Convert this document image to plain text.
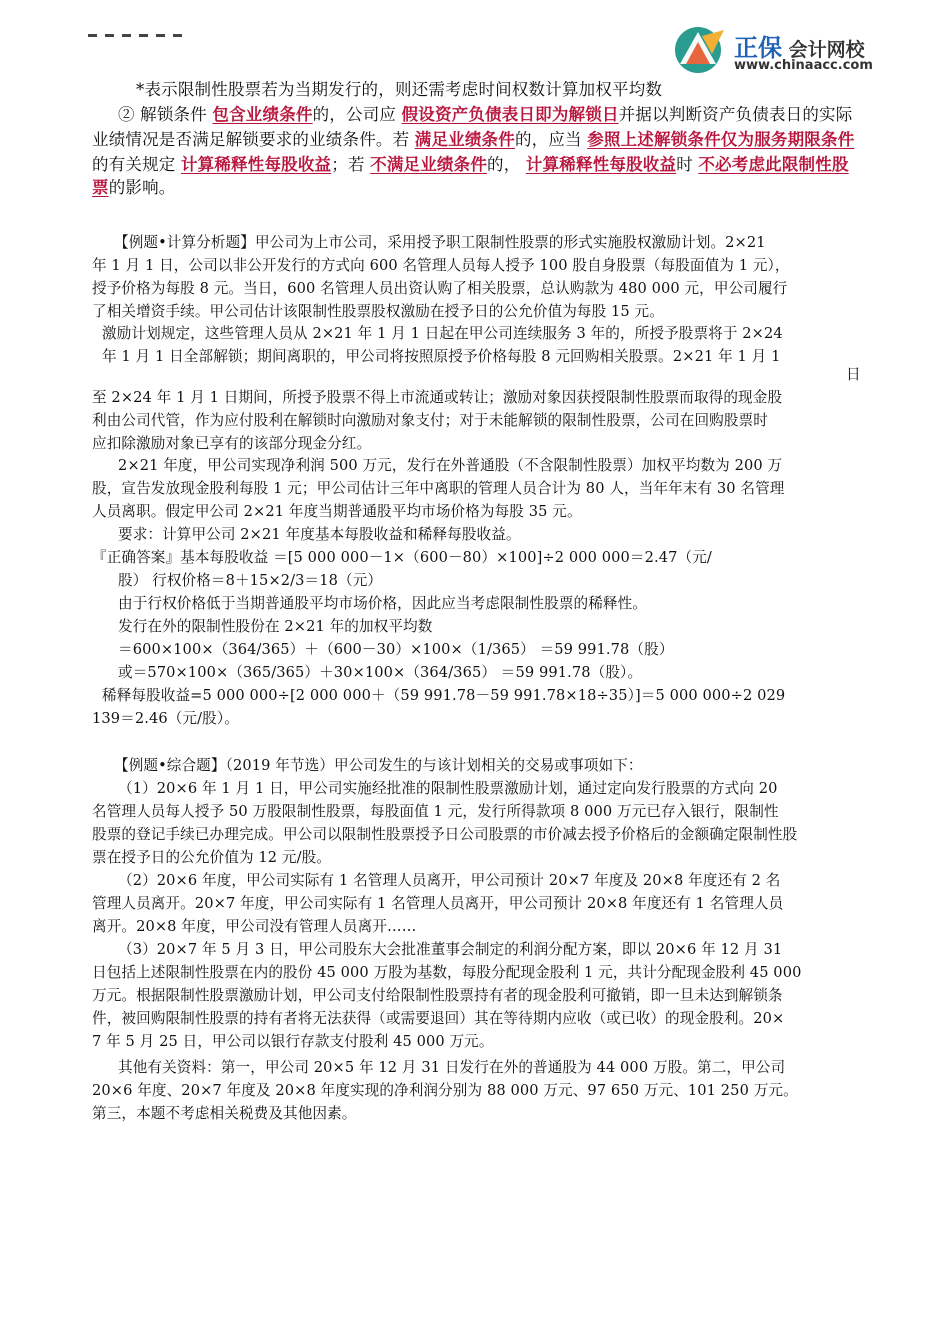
正保 会计网校
www.chinaacc.com
*表示限制性股票若为当期发行的，则还需考虑时间权数计算加权平均数
② 解锁条件 包含业绩条件的，公司应 假设资产负债表日即为解锁日并据以判断资产负债表日的实际
业绩情况是否满足解锁要求的业绩条件。若 满足业绩条件的，应当 参照上述解锁条件仅为服务期限条件
的有关规定 计算稀释性每股收益；若 不满足业绩条件的， 计算稀释性每股收益时 不必考虑此限制性股
票的影响。
【例题•计算分析题】甲公司为上市公司，采用授予职工限制性股票的形式实施股权激励计划。2×21
年 1 月 1 日，公司以非公开发行的方式向 600 名管理人员每人授予 100 股自身股票（每股面值为 1 元），
授予价格为每股 8 元。当日，600 名管理人员出资认购了相关股票，总认购款为 480 000 元，甲公司履行
了相关增资手续。甲公司估计该限制性股票股权激励在授予日的公允价值为每股 15 元。
激励计划规定，这些管理人员从 2×21 年 1 月 1 日起在甲公司连续服务 3 年的，所授予股票将于 2×24
年 1 月 1 日全部解锁；期间离职的，甲公司将按照原授予价格每股 8 元回购相关股票。2×21 年 1 月 1
日
至 2×24 年 1 月 1 日期间，所授予股票不得上市流通或转让；激励对象因获授限制性股票而取得的现金股
利由公司代管，作为应付股利在解锁时向激励对象支付；对于未能解锁的限制性股票，公司在回购股票时
应扣除激励对象已享有的该部分现金分红。
2×21 年度，甲公司实现净利润 500 万元，发行在外普通股（不含限制性股票）加权平均数为 200 万
股，宣告发放现金股利每股 1 元；甲公司估计三年中离职的管理人员合计为 80 人，当年年末有 30 名管理
人员离职。假定甲公司 2×21 年度当期普通股平均市场价格为每股 35 元。
要求：计算甲公司 2×21 年度基本每股收益和稀释每股收益。
『正确答案』基本每股收益 ＝[5 000 000－1×（600－80）×100]÷2 000 000＝2.47（元/
股） 行权价格＝8＋15×2/3＝18（元）
由于行权价格低于当期普通股平均市场价格，因此应当考虑限制性股票的稀释性。
发行在外的限制性股份在 2×21 年的加权平均数
＝600×100×（364/365）＋（600－30）×100×（1/365） ＝59 991.78（股）
或＝570×100×（365/365）＋30×100×（364/365） ＝59 991.78（股）。
稀释每股收益=5 000 000÷[2 000 000＋（59 991.78－59 991.78×18÷35）]＝5 000 000÷2 029
139＝2.46（元/股）。
【例题•综合题】（2019 年节选）甲公司发生的与该计划相关的交易或事项如下：
（1）20×6 年 1 月 1 日，甲公司实施经批准的限制性股票激励计划，通过定向发行股票的方式向 20
名管理人员每人授予 50 万股限制性股票，每股面值 1 元，发行所得款项 8 000 万元已存入银行，限制性
股票的登记手续已办理完成。甲公司以限制性股票授予日公司股票的市价减去授予价格后的金额确定限制性股
票在授予日的公允价值为 12 元/股。
（2）20×6 年度，甲公司实际有 1 名管理人员离开，甲公司预计 20×7 年度及 20×8 年度还有 2 名
管理人员离开。20×7 年度，甲公司实际有 1 名管理人员离开，甲公司预计 20×8 年度还有 1 名管理人员
离开。20×8 年度，甲公司没有管理人员离开……
（3）20×7 年 5 月 3 日，甲公司股东大会批准董事会制定的利润分配方案，即以 20×6 年 12 月 31
日包括上述限制性股票在内的股份 45 000 万股为基数，每股分配现金股利 1 元，共计分配现金股利 45 000
万元。根据限制性股票激励计划，甲公司支付给限制性股票持有者的现金股利可撤销，即一旦未达到解锁条
件，被回购限制性股票的持有者将无法获得（或需要退回）其在等待期内应收（或已收）的现金股利。20×
7 年 5 月 25 日，甲公司以银行存款支付股利 45 000 万元。
其他有关资料：第一，甲公司 20×5 年 12 月 31 日发行在外的普通股为 44 000 万股。第二，甲公司
20×6 年度、20×7 年度及 20×8 年度实现的净利润分别为 88 000 万元、97 650 万元、101 250 万元。
第三，本题不考虑相关税费及其他因素。
